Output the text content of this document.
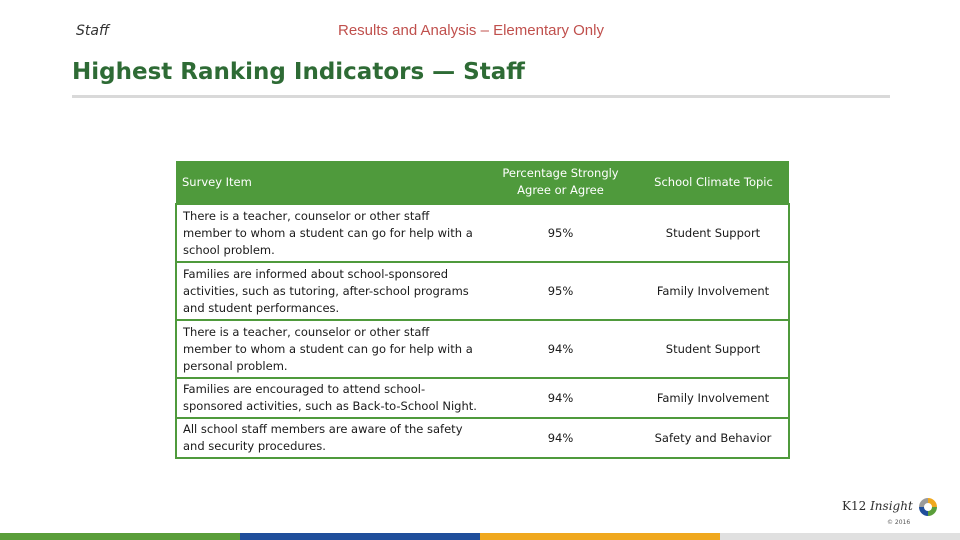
Staff	Results and Analysis – Elementary Only
Highest Ranking Indicators — Staff
Survey Item	Percentage Strongly Agree or Agree	School Climate Topic
There is a teacher, counselor or other staff member to whom a student can go for help with a school problem.	95%	Student Support
Families are informed about school-sponsored activities, such as tutoring, after-school programs and student performances.	95%	Family Involvement
There is a teacher, counselor or other staff member to whom a student can go for help with a personal problem.	94%	Student Support
Families are encouraged to attend school-sponsored activities, such as Back-to-School Night.	94%	Family Involvement
All school staff members are aware of the safety and security procedures.	94%	Safety and Behavior
K12 Insight
© 2016
